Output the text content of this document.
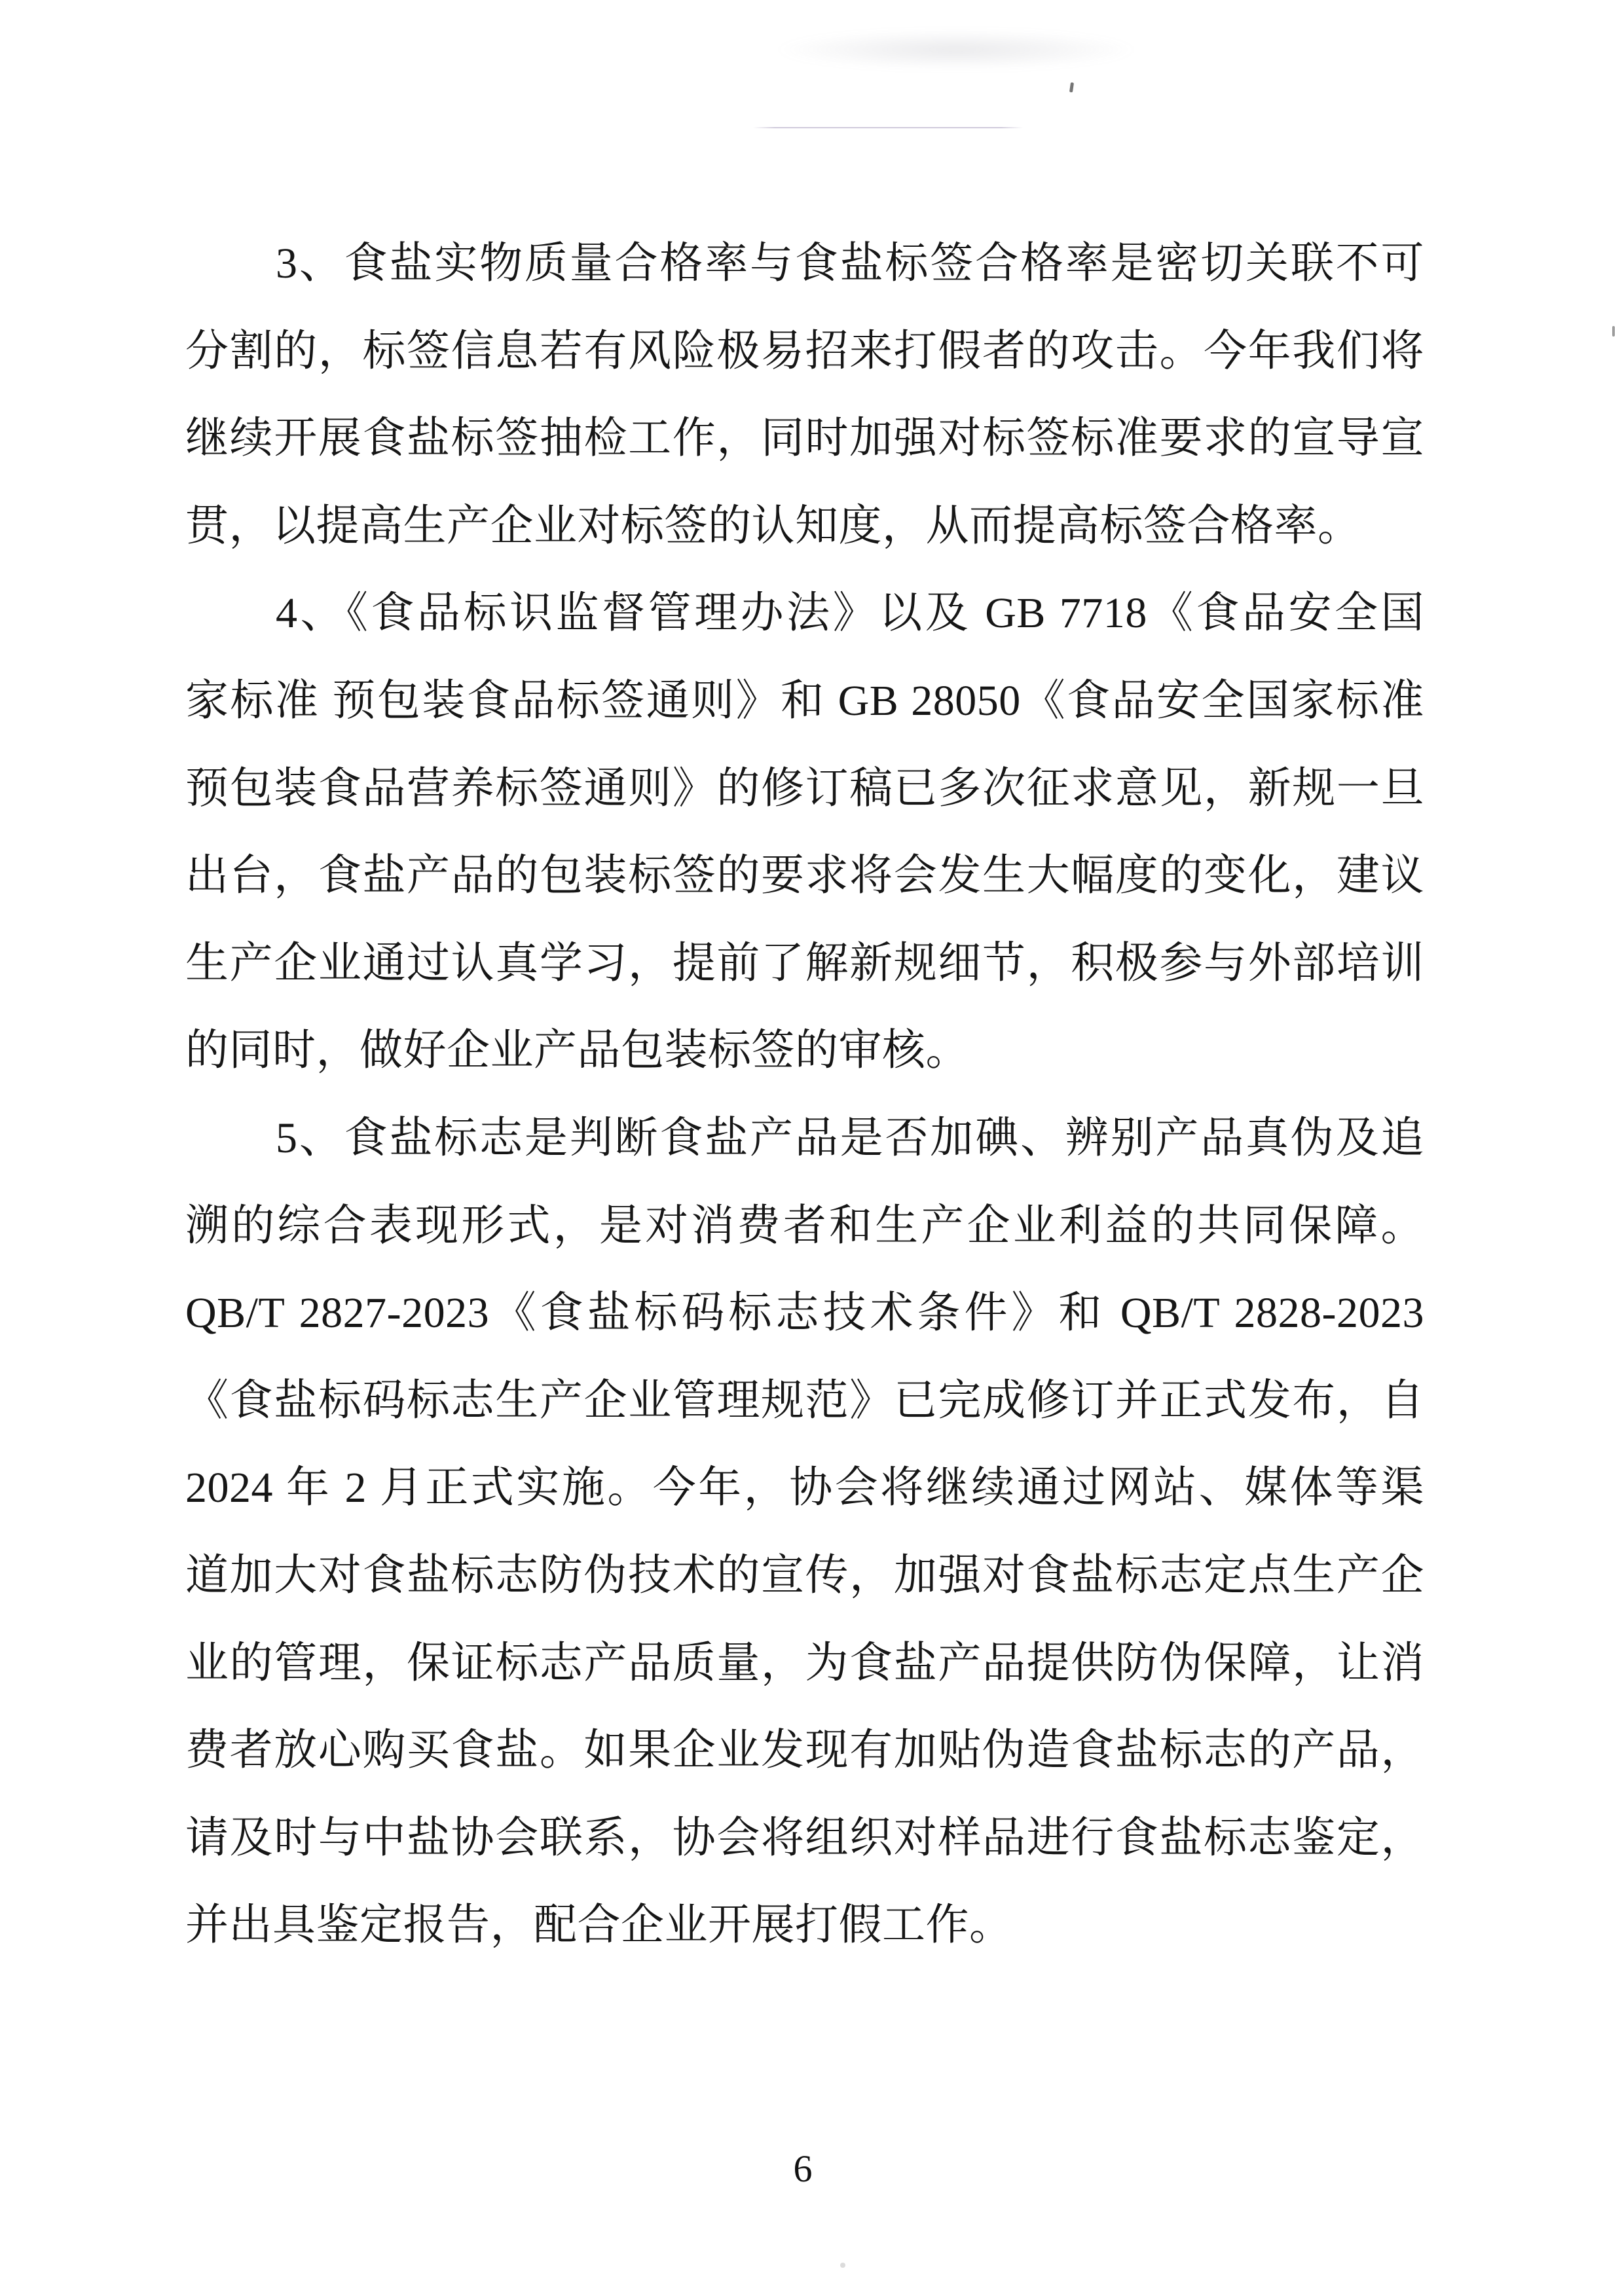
3、食盐实物质量合格率与食盐标签合格率是密切关联不可
分割的，标签信息若有风险极易招来打假者的攻击。今年我们将
继续开展食盐标签抽检工作，同时加强对标签标准要求的宣导宣
贯，以提高生产企业对标签的认知度，从而提高标签合格率。
4、《食品标识监督管理办法》以及 GB 7718《食品安全国
家标准 预包装食品标签通则》和 GB 28050《食品安全国家标准
预包装食品营养标签通则》的修订稿已多次征求意见，新规一旦
出台，食盐产品的包装标签的要求将会发生大幅度的变化，建议
生产企业通过认真学习，提前了解新规细节，积极参与外部培训
的同时，做好企业产品包装标签的审核。
5、食盐标志是判断食盐产品是否加碘、辨别产品真伪及追
溯的综合表现形式，是对消费者和生产企业利益的共同保障。
QB/T 2827-2023《食盐标码标志技术条件》和 QB/T 2828-2023
《食盐标码标志生产企业管理规范》已完成修订并正式发布，自
2024 年 2 月正式实施。今年，协会将继续通过网站、媒体等渠
道加大对食盐标志防伪技术的宣传，加强对食盐标志定点生产企
业的管理，保证标志产品质量，为食盐产品提供防伪保障，让消
费者放心购买食盐。如果企业发现有加贴伪造食盐标志的产品，
请及时与中盐协会联系，协会将组织对样品进行食盐标志鉴定，
并出具鉴定报告，配合企业开展打假工作。
6
